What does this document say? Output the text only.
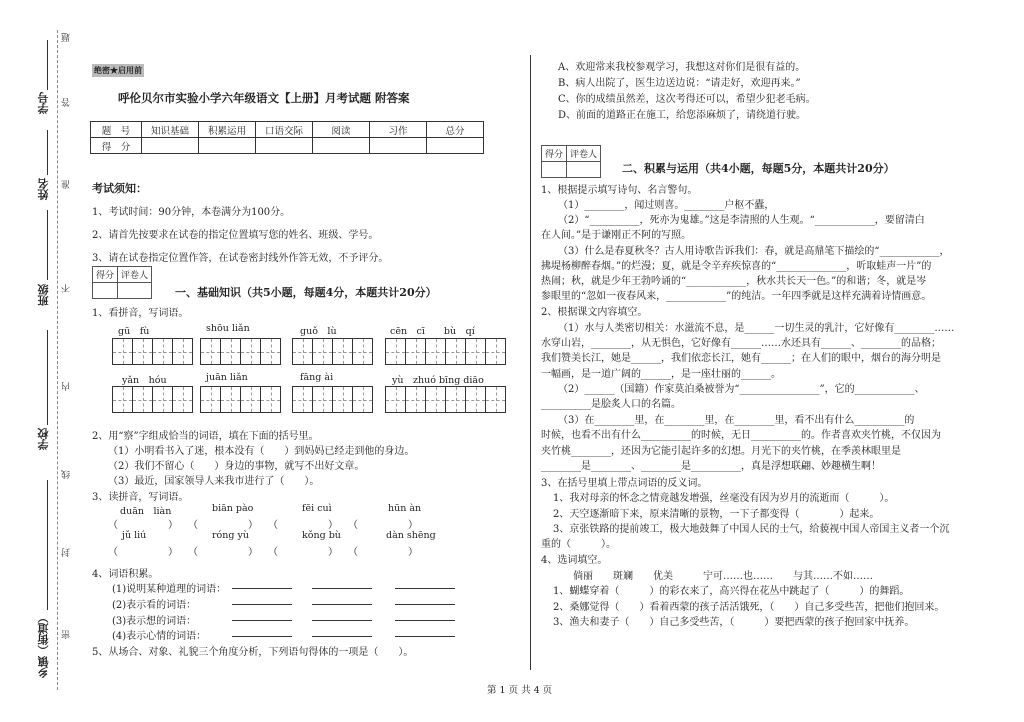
题
学号 答
姓名 准
班级 不
内
学校
线
封
乡镇（街道） 密
绝密★启用前
呼伦贝尔市实验小学六年级语文【上册】月考试题 附答案
题　号	知识基础	积累运用	口语交际	阅读	习作	总分
得　分						
考试须知：
1、考试时间：90分钟，本卷满分为100分。
2、请首先按要求在试卷的指定位置填写您的姓名、班级、学号。
3、请在试卷指定位置作答，在试卷密封线外作答无效，不予评分。
得分	评卷人

一、基础知识（共5小题，每题4分，本题共计20分）
1、看拼音，写词语。
gū　fù	shōu liǎn	guǒ　lù	cēn　cī　　bù　qí
yǎn　hóu	juān liǎn	fāng ài	yù　zhuó bīng diāo
2、用“察”字组成恰当的词语，填在下面的括号里。
（1）小明看书入了迷，根本没有（　　）到妈妈已经走到他的身边。
（2）我们不留心（　　）身边的事物，就写不出好文章。
（3）最近，国家领导人来我市进行了（　　）。
3、读拼音，写词语。
duān　liàn	biān pào	fēi cuì	hūn àn
（　　　　　）　　（　　　　　）　　（　　　　　）　　（　　　　　）
jǔ liú	róng yù	kǒng bù	dàn shēng
（　　　　　）　　（　　　　　）　　（　　　　　）　　（　　　　　）
4、词语积累。
(1)说明某种道理的词语：
(2)表示看的词语：
(3)表示想的词语：
(4)表示心情的词语：
5、从场合、对象、礼貌三个角度分析，下列语句得体的一项是（　　）。
A、欢迎常来我校参观学习，我想这对你们是很有益的。
B、病人出院了，医生边送边说：“请走好，欢迎再来。”
C、你的成绩虽然差，这次考得还可以，希望少犯老毛病。
D、前面的道路正在施工，给您添麻烦了，请绕道行驶。
得分	评卷人

二、积累与运用（共4小题，每题5分，本题共计20分）
1、根据提示填写诗句、名言警句。
（1）________，闻过则喜。________户枢不蠹，
（2）“__________，死亦为鬼雄。”这是李清照的人生观。“____________，要留清白
在人间。”是于谦刚正不阿的写照。
（3）什么是春夏秋冬？古人用诗歌告诉我们：春，就是高鼎笔下描绘的“____________，
拂堤杨柳醉春烟。”的烂漫；夏，就是令辛弃疾惊喜的“______________，听取蛙声一片”的
热闹；秋，就是少年王勃吟诵的“____________，秋水共长天一色。”的和谐；冬，就是岑
参眼里的“忽如一夜春风来，____________”的纯洁。一年四季就是这样充满着诗情画意。
2、根据课文内容填空。
（1）水与人类密切相关：水滋流不息，是______一切生灵的乳汁，它好像有________……
水穿山岩，________，从无惧色，它好像有______……水还具有______、________的品格；
我们赞美长江，她是______，我们依恋长江，她有______；在人们的眼中，烟台的海分明是
一幅画，是一道广阔的______，是一座壮丽的______。
（2）______（国籍）作家莫泊桑被誉为“________________”，它的____________、
__________是脍炙人口的名篇。
（3）在________里，在________里，在________里，看不出有什么__________的
时候，也看不出有什么__________的时候，无日__________的。作者喜欢夹竹桃，不仅因为
夹竹桃________，还因为它能引起许多的幻想。月光下的夹竹桃，在季羡林眼里是
________是________、________是__________，真是浮想联翩、妙趣横生啊！
3、在括号里填上带点词语的反义词。
1、我对母亲的怀念之情竟越发增强，丝毫没有因为岁月的流逝而（　　　）。
2、天空逐渐暗下来，原来清晰的景物，一下子都变得（　　　　）起来。
3、京张铁路的提前竣工，极大地鼓舞了中国人民的士气，给藐视中国人帝国主义者一个沉
重的（　　　）。
4、选词填空。
　　倘丽　　斑斓　　优美　　　宁可……也……　　与其……不如……
1、蝴蝶穿着（　　　）的彩衣来了，高兴得在花丛中跳起了（　　　）的舞蹈。
2、桑娜觉得（　　）看着西蒙的孩子活活饿死，（　　）自己多受些苦，把他们抱回来。
3、渔夫和妻子（　　）自己多受些苦，（　　　）要把西蒙的孩子抱回家中抚养。
第 1 页 共 4 页
